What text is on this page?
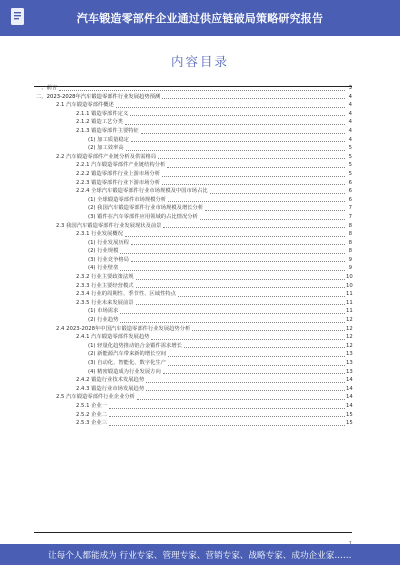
汽车锻造零部件企业通过供应链破局策略研究报告
内容目录
一、前言	3
二、2023-2028年汽车锻造零部件行业发展趋势预测	4
2.1 汽车锻造零部件概述	4
2.1.1 锻造零部件定义	4
2.1.2 锻造工艺分类	4
2.1.3 锻造零部件主要特征	4
(1) 加工质量稳定	4
(2) 加工效率高	5
2.2 汽车锻造零部件产业链分析及供需格局	5
2.2.1 汽车锻造零部件产业链结构分析	5
2.2.2 锻造零部件行业上游市场分析	5
2.2.3 锻造零部件行业下游市场分析	6
2.2.4 全球汽车锻造零部件行业市场规模及中国市场占比	6
(1) 全球锻造零部件市场规模分析	6
(2) 我国汽车锻造零部件行业市场规模及增长分析	7
(3) 锻件在汽车零部件应用领域的占比情况分析	7
2.3 我国汽车锻造零部件行业发展现状及前景	8
2.3.1 行业发展概况	8
(1) 行业发展历程	8
(2) 行业规模	8
(3) 行业竞争格局	9
(4) 行业壁垒	9
2.3.2 行业主要政策法规	10
2.3.3 行业主要经营模式	10
2.3.4 行业的周期性、季节性、区域性特点	11
2.3.5 行业未来发展前景	11
(1) 市场需求	11
(2) 行业趋势	12
2.4 2023-2028年中国汽车锻造零部件行业发展趋势分析	12
2.4.1 汽车锻造零部件发展趋势	12
(1) 轻量化趋势推动铝合金锻件需求增长	12
(2) 新能源汽车带来新的增长空间	13
(3) 自动化、智能化、数字化生产	13
(4) 精密锻造成为行业发展方向	13
2.4.2 锻造行业技术发展趋势	14
2.4.3 锻造行业市场发展趋势	14
2.5 汽车锻造零部件行业企业分析	14
2.5.1 企业一	14
2.5.2 企业二	15
2.5.3 企业三	15
让每个人都能成为 行业专家、管理专家、营销专家、战略专家、成功企业家……
